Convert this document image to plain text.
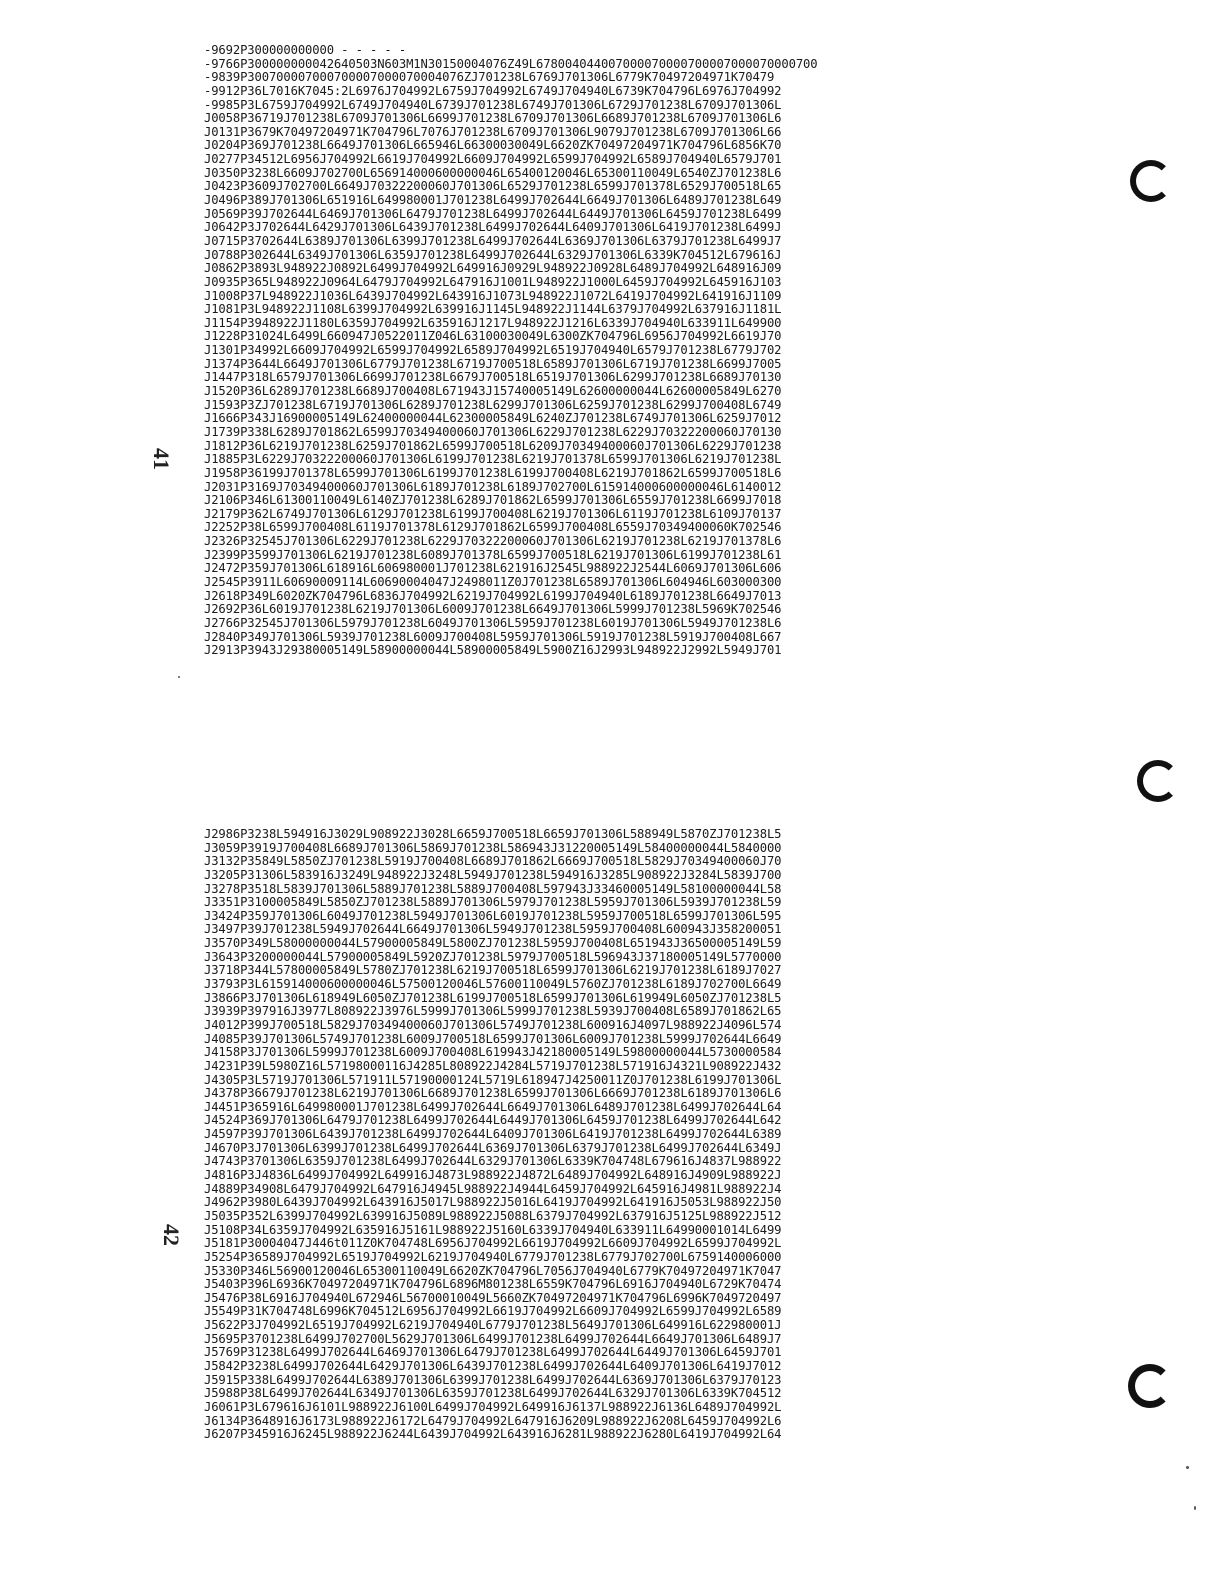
41
42
-9692P300000000000 - - - - -
-9766P300000000042640503N603M1N30150004076Z49L678004044007000070000700007000070000700
-9839P300700007000700007000070004076ZJ701238L6769J701306L6779K70497204971K70479
-9912P36L7016K7045:2L6976J704992L6759J704992L6749J704940L6739K704796L6976J704992
-9985P3L6759J704992L6749J704940L6739J701238L6749J701306L6729J701238L6709J701306L
J0058P36719J701238L6709J701306L6699J701238L6709J701306L6689J701238L6709J701306L6
J0131P3679K70497204971K704796L7076J701238L6709J701306L9079J701238L6709J701306L66
J0204P369J701238L6649J701306L665946L66300030049L6620ZK70497204971K704796L6856K70
J0277P34512L6956J704992L6619J704992L6609J704992L6599J704992L6589J704940L6579J701
J0350P3238L6609J702700L656914000600000046L65400120046L65300110049L6540ZJ701238L6
J0423P3609J702700L6649J70322200060J701306L6529J701238L6599J701378L6529J700518L65
J0496P389J701306L651916L649980001J701238L6499J702644L6649J701306L6489J701238L649
J0569P39J702644L6469J701306L6479J701238L6499J702644L6449J701306L6459J701238L6499
J0642P3J702644L6429J701306L6439J701238L6499J702644L6409J701306L6419J701238L6499J
J0715P3702644L6389J701306L6399J701238L6499J702644L6369J701306L6379J701238L6499J7
J0788P302644L6349J701306L6359J701238L6499J702644L6329J701306L6339K704512L679616J
J0862P3893L948922J0892L6499J704992L649916J0929L948922J0928L6489J704992L648916J09
J0935P365L948922J0964L6479J704992L647916J1001L948922J1000L6459J704992L645916J103
J1008P37L948922J1036L6439J704992L643916J1073L948922J1072L6419J704992L641916J1109
J1081P3L948922J1108L6399J704992L639916J1145L948922J1144L6379J704992L637916J1181L
J1154P3948922J1180L6359J704992L635916J1217L948922J1216L6339J704940L633911L649900
J1228P31024L6499L660947J0522011Z046L63100030049L6300ZK704796L6956J704992L6619J70
J1301P34992L6609J704992L6599J704992L6589J704992L6519J704940L6579J701238L6779J702
J1374P3644L6649J701306L6779J701238L6719J700518L6589J701306L6719J701238L6699J7005
J1447P318L6579J701306L6699J701238L6679J700518L6519J701306L6299J701238L6689J70130
J1520P36L6289J701238L6689J700408L671943J15740005149L62600000044L62600005849L6270
J1593P3ZJ701238L6719J701306L6289J701238L6299J701306L6259J701238L6299J700408L6749
J1666P343J16900005149L62400000044L62300005849L6240ZJ701238L6749J701306L6259J7012
J1739P338L6289J701862L6599J70349400060J701306L6229J701238L6229J70322200060J70130
J1812P36L6219J701238L6259J701862L6599J700518L6209J70349400060J701306L6229J701238
J1885P3L6229J70322200060J701306L6199J701238L6219J701378L6599J701306L6219J701238L
J1958P36199J701378L6599J701306L6199J701238L6199J700408L6219J701862L6599J700518L6
J2031P3169J70349400060J701306L6189J701238L6189J702700L615914000600000046L6140012
J2106P346L61300110049L6140ZJ701238L6289J701862L6599J701306L6559J701238L6699J7018
J2179P362L6749J701306L6129J701238L6199J700408L6219J701306L6119J701238L6109J70137
J2252P38L6599J700408L6119J701378L6129J701862L6599J700408L6559J70349400060K702546
J2326P32545J701306L6229J701238L6229J70322200060J701306L6219J701238L6219J701378L6
J2399P3599J701306L6219J701238L6089J701378L6599J700518L6219J701306L6199J701238L61
J2472P359J701306L618916L606980001J701238L621916J2545L988922J2544L6069J701306L606
J2545P3911L60690009114L60690004047J2498011Z0J701238L6589J701306L604946L603000300
J2618P349L6020ZK704796L6836J704992L6219J704992L6199J704940L6189J701238L6649J7013
J2692P36L6019J701238L6219J701306L6009J701238L6649J701306L5999J701238L5969K702546
J2766P32545J701306L5979J701238L6049J701306L5959J701238L6019J701306L5949J701238L6
J2840P349J701306L5939J701238L6009J700408L5959J701306L5919J701238L5919J700408L667
J2913P3943J29380005149L58900000044L58900005849L5900Z16J2993L948922J2992L5949J701
J2986P3238L594916J3029L908922J3028L6659J700518L6659J701306L588949L5870ZJ701238L5
J3059P3919J700408L6689J701306L5869J701238L586943J31220005149L58400000044L5840000
J3132P35849L5850ZJ701238L5919J700408L6689J701862L6669J700518L5829J70349400060J70
J3205P31306L583916J3249L948922J3248L5949J701238L594916J3285L908922J3284L5839J700
J3278P3518L5839J701306L5889J701238L5889J700408L597943J33460005149L58100000044L58
J3351P3100005849L5850ZJ701238L5889J701306L5979J701238L5959J701306L5939J701238L59
J3424P359J701306L6049J701238L5949J701306L6019J701238L5959J700518L6599J701306L595
J3497P39J701238L5949J702644L6649J701306L5949J701238L5959J700408L600943J358200051
J3570P349L58000000044L57900005849L5800ZJ701238L5959J700408L651943J36500005149L59
J3643P3200000044L57900005849L5920ZJ701238L5979J700518L596943J37180005149L5770000
J3718P344L57800005849L5780ZJ701238L6219J700518L6599J701306L6219J701238L6189J7027
J3793P3L615914000600000046L57500120046L57600110049L5760ZJ701238L6189J702700L6649
J3866P3J701306L618949L6050ZJ701238L6199J700518L6599J701306L619949L6050ZJ701238L5
J3939P397916J3977L808922J3976L5999J701306L5999J701238L5939J700408L6589J701862L65
J4012P399J700518L5829J70349400060J701306L5749J701238L600916J4097L988922J4096L574
J4085P39J701306L5749J701238L6009J700518L6599J701306L6009J701238L5999J702644L6649
J4158P3J701306L5999J701238L6009J700408L619943J42180005149L59800000044L5730000584
J4231P39L5980Z16L57198000116J4285L808922J4284L5719J701238L571916J4321L908922J432
J4305P3L5719J701306L571911L57190000124L5719L618947J4250011Z0J701238L6199J701306L
J4378P36679J701238L6219J701306L6689J701238L6599J701306L6669J701238L6189J701306L6
J4451P365916L649980001J701238L6499J702644L6649J701306L6489J701238L6499J702644L64
J4524P369J701306L6479J701238L6499J702644L6449J701306L6459J701238L6499J702644L642
J4597P39J701306L6439J701238L6499J702644L6409J701306L6419J701238L6499J702644L6389
J4670P3J701306L6399J701238L6499J702644L6369J701306L6379J701238L6499J702644L6349J
J4743P3701306L6359J701238L6499J702644L6329J701306L6339K704748L679616J4837L988922
J4816P3J4836L6499J704992L649916J4873L988922J4872L6489J704992L648916J4909L988922J
J4889P34908L6479J704992L647916J4945L988922J4944L6459J704992L645916J4981L988922J4
J4962P3980L6439J704992L643916J5017L988922J5016L6419J704992L641916J5053L988922J50
J5035P352L6399J704992L639916J5089L988922J5088L6379J704992L637916J5125L988922J512
J5108P34L6359J704992L635916J5161L988922J5160L6339J704940L633911L64990001014L6499
J5181P30004047J446t011Z0K704748L6956J704992L6619J704992L6609J704992L6599J704992L
J5254P36589J704992L6519J704992L6219J704940L6779J701238L6779J702700L6759140006000
J5330P346L56900120046L65300110049L6620ZK704796L7056J704940L6779K70497204971K7047
J5403P396L6936K70497204971K704796L6896M801238L6559K704796L6916J704940L6729K70474
J5476P38L6916J704940L672946L56700010049L5660ZK70497204971K704796L6996K7049720497
J5549P31K704748L6996K704512L6956J704992L6619J704992L6609J704992L6599J704992L6589
J5622P3J704992L6519J704992L6219J704940L6779J701238L5649J701306L649916L622980001J
J5695P3701238L6499J702700L5629J701306L6499J701238L6499J702644L6649J701306L6489J7
J5769P31238L6499J702644L6469J701306L6479J701238L6499J702644L6449J701306L6459J701
J5842P3238L6499J702644L6429J701306L6439J701238L6499J702644L6409J701306L6419J7012
J5915P338L6499J702644L6389J701306L6399J701238L6499J702644L6369J701306L6379J70123
J5988P38L6499J702644L6349J701306L6359J701238L6499J702644L6329J701306L6339K704512
J6061P3L679616J6101L988922J6100L6499J704992L649916J6137L988922J6136L6489J704992L
J6134P3648916J6173L988922J6172L6479J704992L647916J6209L988922J6208L6459J704992L6
J6207P345916J6245L988922J6244L6439J704992L643916J6281L988922J6280L6419J704992L64
